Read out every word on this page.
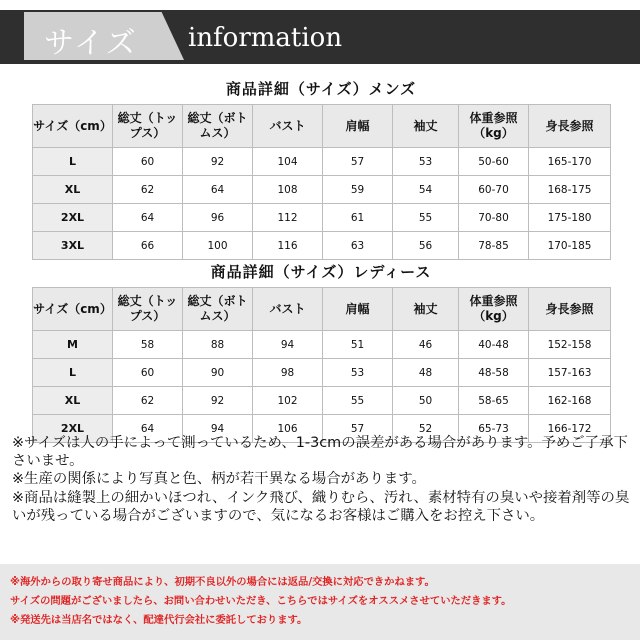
サイズ information
商品詳細（サイズ）メンズ
サイズ（cm）	総丈（トップス）	総丈（ボトムス）	バスト	肩幅	袖丈	体重参照（kg）	身長参照
L	60	92	104	57	53	50-60	165-170
XL	62	64	108	59	54	60-70	168-175
2XL	64	96	112	61	55	70-80	175-180
3XL	66	100	116	63	56	78-85	170-185
商品詳細（サイズ）レディース
サイズ（cm）	総丈（トップス）	総丈（ボトムス）	バスト	肩幅	袖丈	体重参照（kg）	身長参照
M	58	88	94	51	46	40-48	152-158
L	60	90	98	53	48	48-58	157-163
XL	62	92	102	55	50	58-65	162-168
2XL	64	94	106	57	52	65-73	166-172

※サイズは人の手によって測っているため、1-3cmの誤差がある場合があります。予めご了承下さいませ。

※生産の関係により写真と色、柄が若干異なる場合があります。

※商品は縫製上の細かいほつれ、インク飛び、織りむら、汚れ、素材特有の臭いや接着剤等の臭いが残っている場合がございますので、気になるお客様はご購入をお控え下さい。

※海外からの取り寄せ商品により、初期不良以外の場合には返品/交換に対応できかねます。

サイズの問題がございましたら、お問い合わせいただき、こちらではサイズをオススメさせていただきます。

※発送先は当店名ではなく、配達代行会社に委託しております。
